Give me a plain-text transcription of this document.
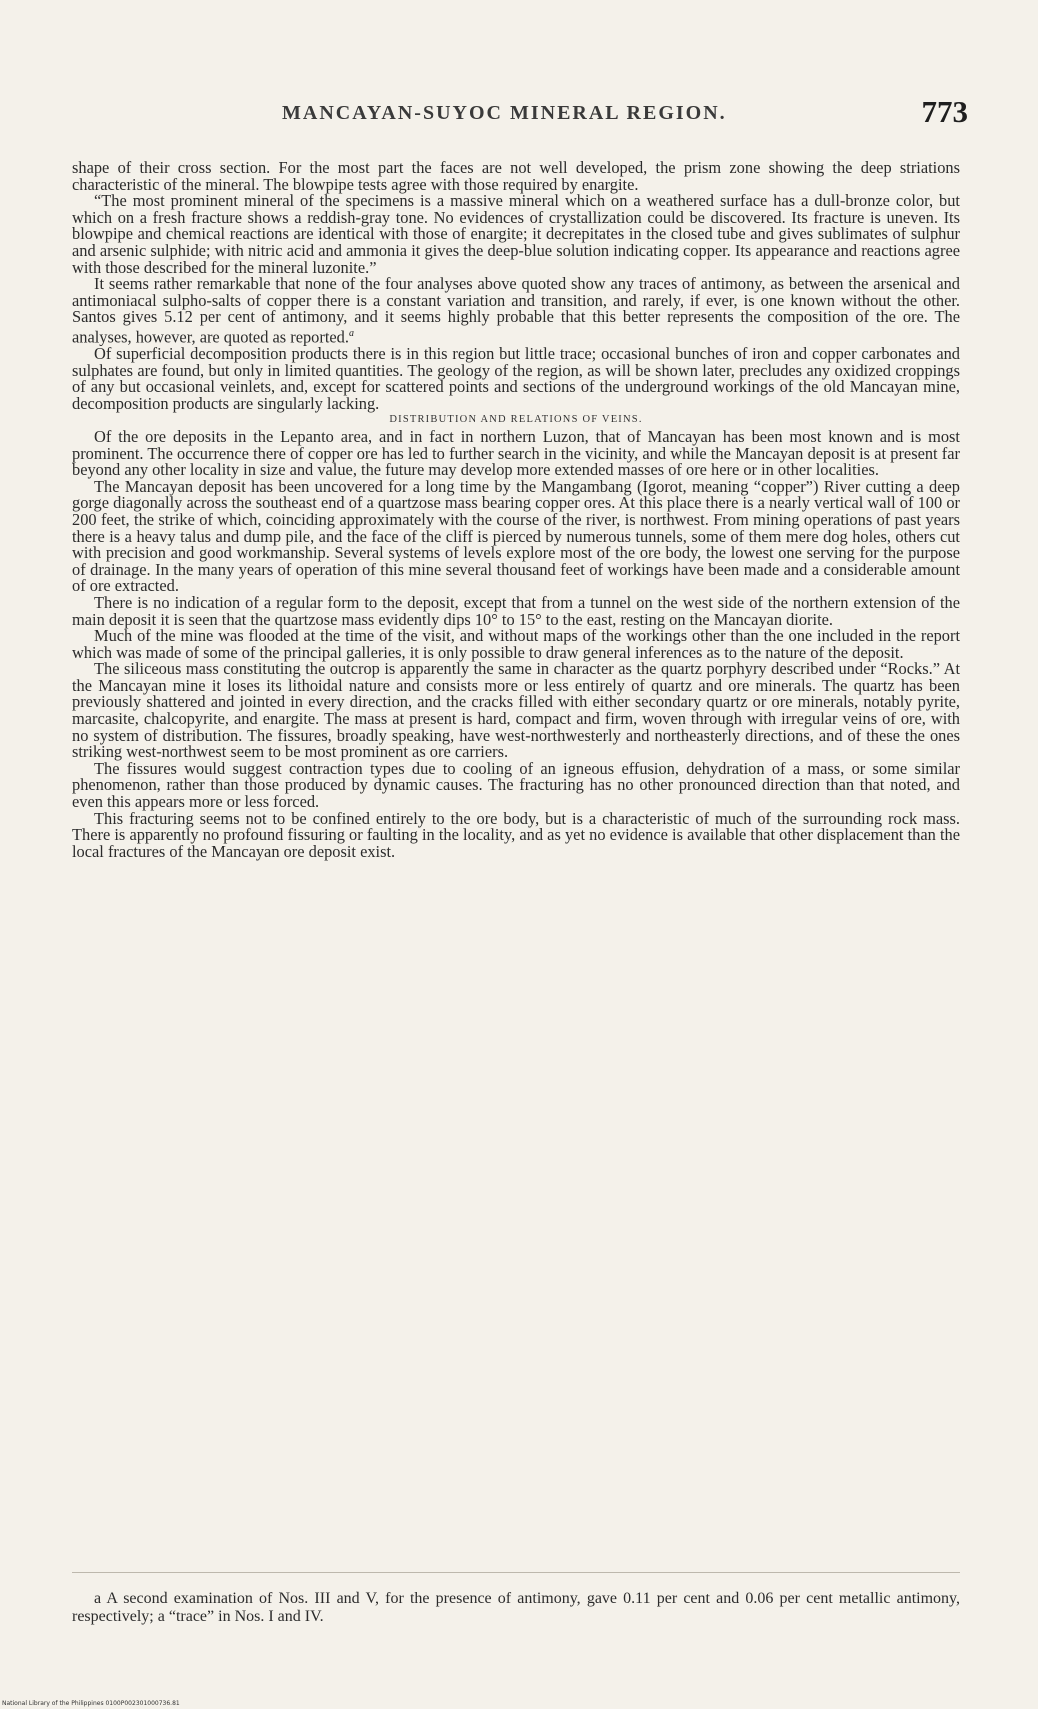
MANCAYAN-SUYOC MINERAL REGION.	773

shape of their cross section. For the most part the faces are not well developed, the prism zone showing the deep striations characteristic of the mineral. The blowpipe tests agree with those required by enargite.

“The most prominent mineral of the specimens is a massive mineral which on a weathered surface has a dull-bronze color, but which on a fresh fracture shows a reddish-gray tone. No evidences of crystallization could be discovered. Its fracture is uneven. Its blowpipe and chemical reactions are identical with those of enargite; it decrepitates in the closed tube and gives sublimates of sulphur and arsenic sulphide; with nitric acid and ammonia it gives the deep-blue solution indicating copper. Its appearance and reactions agree with those described for the mineral luzonite.”

It seems rather remarkable that none of the four analyses above quoted show any traces of antimony, as between the arsenical and antimoniacal sulpho-salts of copper there is a constant variation and transition, and rarely, if ever, is one known without the other. Santos gives 5.12 per cent of antimony, and it seems highly probable that this better represents the composition of the ore. The analyses, however, are quoted as reported.$^a$

Of superficial decomposition products there is in this region but little trace; occasional bunches of iron and copper carbonates and sulphates are found, but only in limited quantities. The geology of the region, as will be shown later, precludes any oxidized croppings of any but occasional veinlets, and, except for scattered points and sections of the underground workings of the old Mancayan mine, decomposition products are singularly lacking.

DISTRIBUTION AND RELATIONS OF VEINS.

Of the ore deposits in the Lepanto area, and in fact in northern Luzon, that of Mancayan has been most known and is most prominent. The occurrence there of copper ore has led to further search in the vicinity, and while the Mancayan deposit is at present far beyond any other locality in size and value, the future may develop more extended masses of ore here or in other localities.

The Mancayan deposit has been uncovered for a long time by the Mangambang (Igorot, meaning “copper”) River cutting a deep gorge diagonally across the southeast end of a quartzose mass bearing copper ores. At this place there is a nearly vertical wall of 100 or 200 feet, the strike of which, coinciding approximately with the course of the river, is northwest. From mining operations of past years there is a heavy talus and dump pile, and the face of the cliff is pierced by numerous tunnels, some of them mere dog holes, others cut with precision and good workmanship. Several systems of levels explore most of the ore body, the lowest one serving for the purpose of drainage. In the many years of operation of this mine several thousand feet of workings have been made and a considerable amount of ore extracted.

There is no indication of a regular form to the deposit, except that from a tunnel on the west side of the northern extension of the main deposit it is seen that the quartzose mass evidently dips 10° to 15° to the east, resting on the Mancayan diorite.

Much of the mine was flooded at the time of the visit, and without maps of the workings other than the one included in the report which was made of some of the principal galleries, it is only possible to draw general inferences as to the nature of the deposit.

The siliceous mass constituting the outcrop is apparently the same in character as the quartz porphyry described under “Rocks.” At the Mancayan mine it loses its lithoidal nature and consists more or less entirely of quartz and ore minerals. The quartz has been previously shattered and jointed in every direction, and the cracks filled with either secondary quartz or ore minerals, notably pyrite, marcasite, chalcopyrite, and enargite. The mass at present is hard, compact and firm, woven through with irregular veins of ore, with no system of distribution. The fissures, broadly speaking, have west-northwesterly and northeasterly directions, and of these the ones striking west-northwest seem to be most prominent as ore carriers.

The fissures would suggest contraction types due to cooling of an igneous effusion, dehydration of a mass, or some similar phenomenon, rather than those produced by dynamic causes. The fracturing has no other pronounced direction than that noted, and even this appears more or less forced.

This fracturing seems not to be confined entirely to the ore body, but is a characteristic of much of the surrounding rock mass. There is apparently no profound fissuring or faulting in the locality, and as yet no evidence is available that other displacement than the local fractures of the Mancayan ore deposit exist.

a A second examination of Nos. III and V, for the presence of antimony, gave 0.11 per cent and 0.06 per cent metallic antimony, respectively; a “trace” in Nos. I and IV.
National Library of the Philippines 0100P002301000736.81
